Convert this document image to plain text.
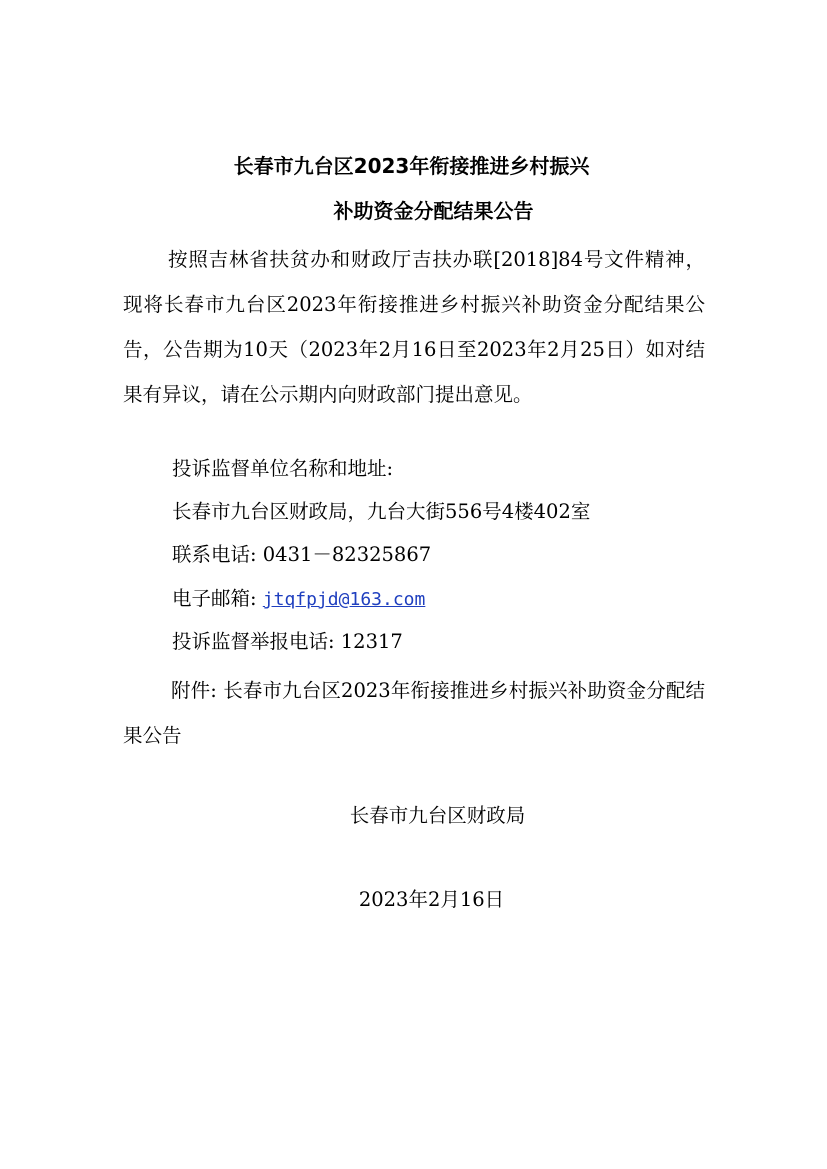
长春市九台区2023年衔接推进乡村振兴
补助资金分配结果公告

按照吉林省扶贫办和财政厅吉扶办联[2018]84号文件精神，现将长春市九台区2023年衔接推进乡村振兴补助资金分配结果公告，公告期为10天（2023年2月16日至2023年2月25日）如对结果有异议，请在公示期内向财政部门提出意见。

投诉监督单位名称和地址:

长春市九台区财政局，九台大街556号4楼402室

联系电话: 0431－82325867

电子邮箱: jtqfpjd@163.com

投诉监督举报电话: 12317

附件: 长春市九台区2023年衔接推进乡村振兴补助资金分配结果公告

长春市九台区财政局

2023年2月16日
